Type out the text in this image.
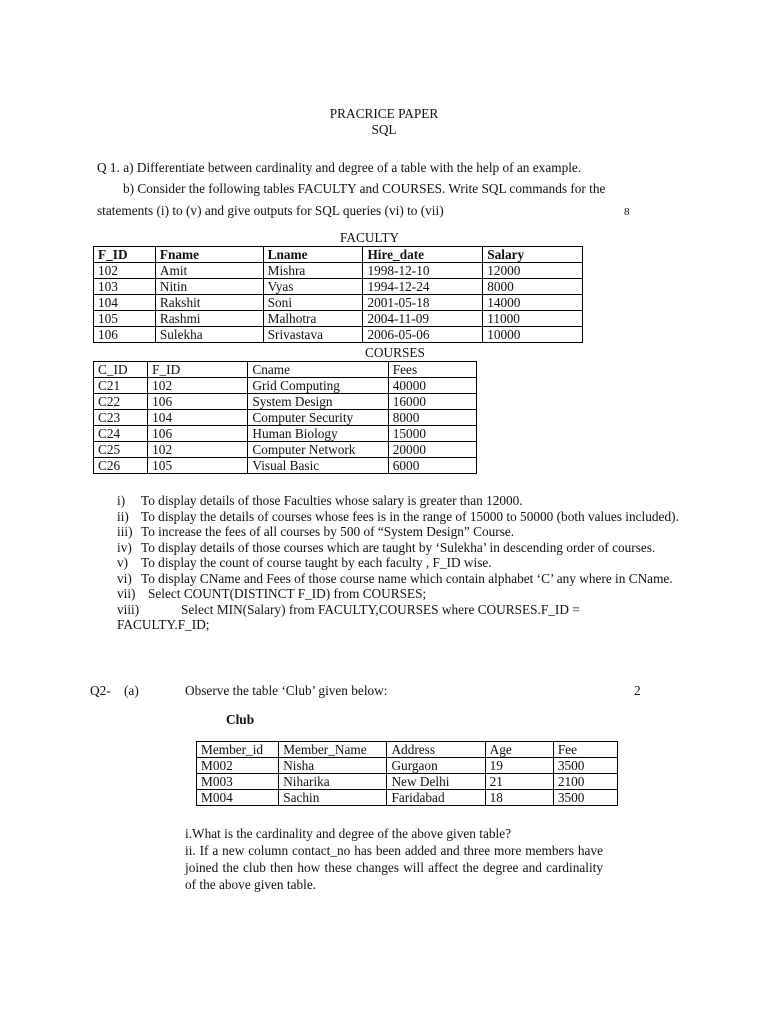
PRACRICE PAPER
SQL
Q 1. a) Differentiate between cardinality and degree of a table with the help of an example.
b) Consider the following tables FACULTY and COURSES. Write SQL commands for the
statements (i) to (v) and give outputs for SQL queries (vi) to (vii)	8
FACULTY
F_ID	Fname	Lname	Hire_date	Salary
102	Amit	Mishra	1998-12-10	12000
103	Nitin	Vyas	1994-12-24	8000
104	Rakshit	Soni	2001-05-18	14000
105	Rashmi	Malhotra	2004-11-09	11000
106	Sulekha	Srivastava	2006-05-06	10000
COURSES
C_ID	F_ID	Cname	Fees
C21	102	Grid Computing	40000
C22	106	System Design	16000
C23	104	Computer Security	8000
C24	106	Human Biology	15000
C25	102	Computer Network	20000
C26	105	Visual Basic	6000
i)	To display details of those Faculties whose salary is greater than 12000.
ii) To display the details of courses whose fees is in the range of 15000 to 50000 (both values included).
iii) To increase the fees of all courses by 500 of “System Design” Course.
iv) To display details of those courses which are taught by ‘Sulekha’ in descending order of courses.
v) To display the count of course taught by each faculty , F_ID wise.
vi) To display CName and Fees of those course name which contain alphabet ‘C’ any where in CName.
vii) Select COUNT(DISTINCT F_ID) from COURSES;
viii)	Select MIN(Salary) from FACULTY,COURSES where COURSES.F_ID = FACULTY.F_ID;
Q2- (a)	Observe the table ‘Club’ given below:	2
Club
Member_id	Member_Name	Address	Age	Fee
M002	Nisha	Gurgaon	19	3500
M003	Niharika	New Delhi	21	2100
M004	Sachin	Faridabad	18	3500
i.What is the cardinality and degree of the above given table?
ii. If a new column contact_no has been added and three more members have joined the club then how these changes will affect the degree and cardinality of the above given table.
